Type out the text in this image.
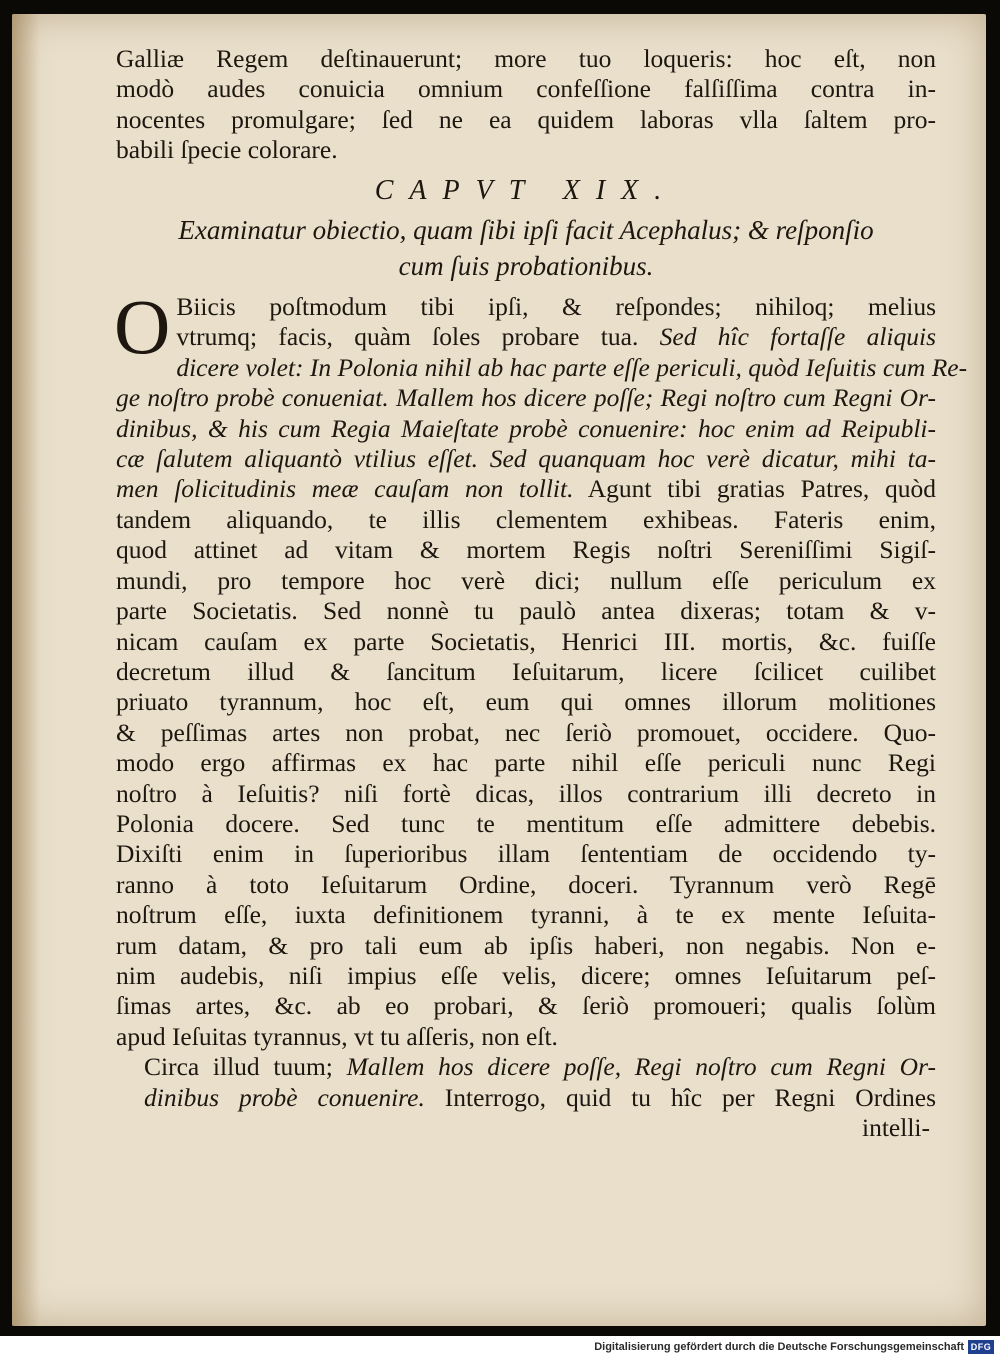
Galliæ Regem deſtinauerunt; more tuo loqueris: hoc eſt, non
modò audes conuicia omnium confeſſione falſiſſima contra in-
nocentes promulgare; ſed ne ea quidem laboras vlla ſaltem pro-
babili ſpecie colorare.
CAPVT XIX.
Examinatur obiectio, quam ſibi ipſi facit Acephalus; & reſponſio
cum ſuis probationibus.
O Biicis poſtmodum tibi ipſi, & reſpondes; nihiloq; melius
vtrumq; facis, quàm ſoles probare tua. Sed hîc fortaſſe aliquis
dicere volet: In Polonia nihil ab hac parte eſſe periculi, quòd Ieſuitis cum Re-
ge noſtro probè conueniat. Mallem hos dicere poſſe; Regi noſtro cum Regni Or-
dinibus, & his cum Regia Maieſtate probè conuenire: hoc enim ad Reipubli-
cæ ſalutem aliquantò vtilius eſſet. Sed quanquam hoc verè dicatur, mihi ta-
men ſolicitudinis meæ cauſam non tollit. Agunt tibi gratias Patres, quòd
tandem aliquando, te illis clementem exhibeas. Fateris enim,
quod attinet ad vitam & mortem Regis noſtri Sereniſſimi Sigiſ-
mundi, pro tempore hoc verè dici; nullum eſſe periculum ex
parte Societatis. Sed nonnè tu paulò antea dixeras; totam & v-
nicam cauſam ex parte Societatis, Henrici III. mortis, &c. fuiſſe
decretum illud & ſancitum Ieſuitarum, licere ſcilicet cuilibet
priuato tyrannum, hoc eſt, eum qui omnes illorum molitiones
& peſſimas artes non probat, nec ſeriò promouet, occidere. Quo-
modo ergo affirmas ex hac parte nihil eſſe periculi nunc Regi
noſtro à Ieſuitis? niſi fortè dicas, illos contrarium illi decreto in
Polonia docere. Sed tunc te mentitum eſſe admittere debebis.
Dixiſti enim in ſuperioribus illam ſententiam de occidendo ty-
ranno à toto Ieſuitarum Ordine, doceri. Tyrannum verò Regē
noſtrum eſſe, iuxta definitionem tyranni, à te ex mente Ieſuita-
rum datam, & pro tali eum ab ipſis haberi, non negabis. Non e-
nim audebis, niſi impius eſſe velis, dicere; omnes Ieſuitarum peſ-
ſimas artes, &c. ab eo probari, & ſeriò promoueri; qualis ſolùm
apud Ieſuitas tyrannus, vt tu aſſeris, non eſt.
Circa illud tuum; Mallem hos dicere poſſe, Regi noſtro cum Regni Or-
dinibus probè conuenire. Interrogo, quid tu hîc per Regni Ordines
intelli-
Digitalisierung gefördert durch die Deutsche Forschungsgemeinschaft DFG
